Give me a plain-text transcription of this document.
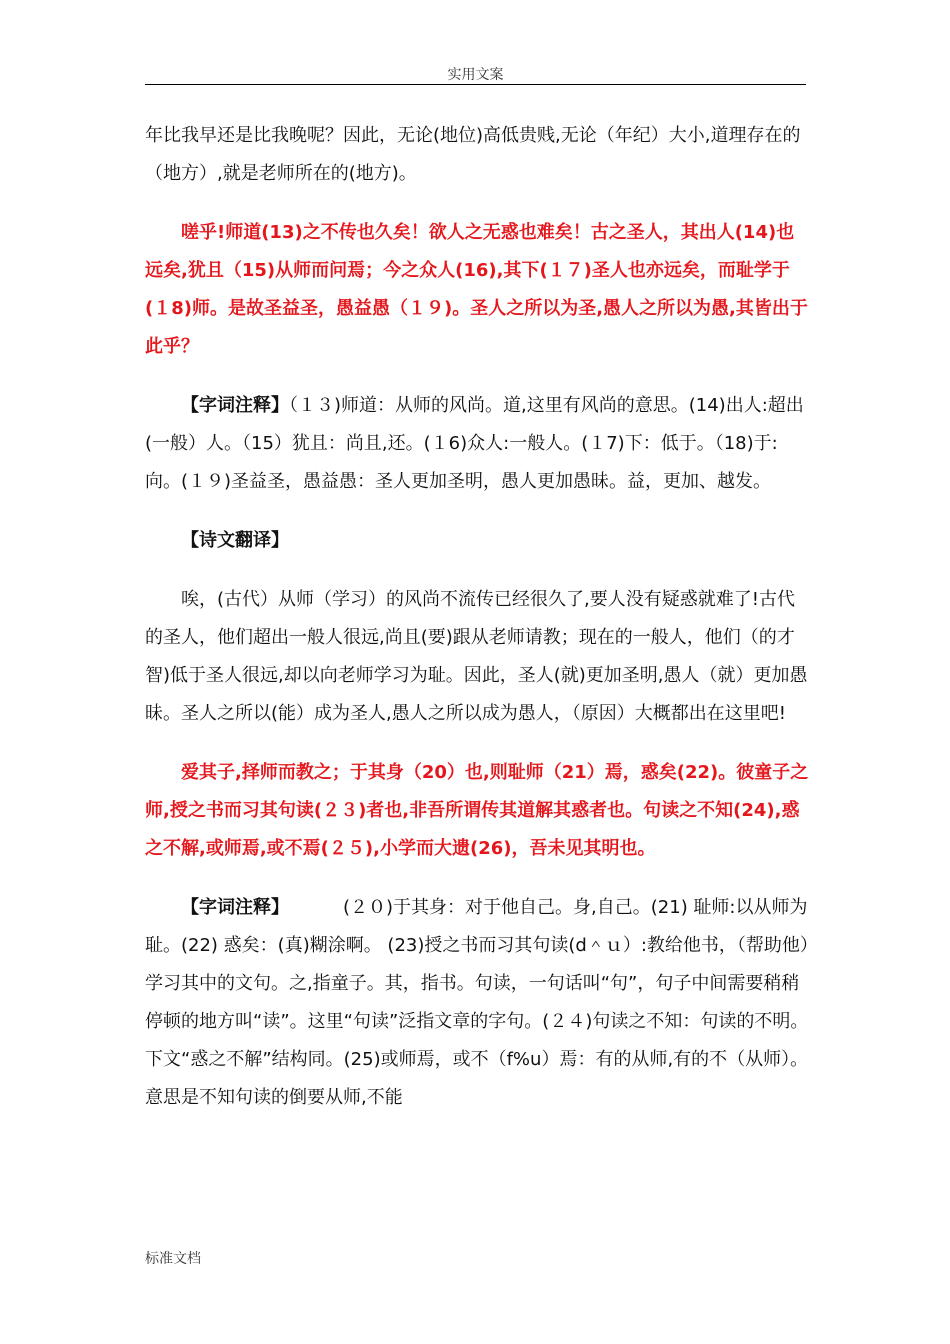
实用文案

年比我早还是比我晚呢？因此，无论(地位)高低贵贱,无论（年纪）大小,道理存在的（地方）,就是老师所在的(地方)。

嗟乎!师道(13)之不传也久矣！欲人之无惑也难矣！古之圣人，其出人(14)也远矣,犹且（15)从师而问焉；今之众人(16),其下(１７)圣人也亦远矣，而耻学于(１8)师。是故圣益圣，愚益愚（１９)。圣人之所以为圣,愚人之所以为愚,其皆出于此乎？

【字词注释】（１３)师道：从师的风尚。道,这里有风尚的意思。(14)出人:超出(一般）人。（15）犹且：尚且,还。(１6)众人:一般人。(１7)下：低于。（18)于:向。(１９)圣益圣，愚益愚：圣人更加圣明，愚人更加愚昧。益，更加、越发。

【诗文翻译】

唉，(古代）从师（学习）的风尚不流传已经很久了,要人没有疑惑就难了!古代的圣人，他们超出一般人很远,尚且(要)跟从老师请教；现在的一般人，他们（的才智)低于圣人很远,却以向老师学习为耻。因此，圣人(就)更加圣明,愚人（就）更加愚昧。圣人之所以(能）成为圣人,愚人之所以成为愚人，（原因）大概都出在这里吧!

爱其子,择师而教之；于其身（20）也,则耻师（21）焉，惑矣(22)。彼童子之师,授之书而习其句读(２３)者也,非吾所谓传其道解其惑者也。句读之不知(24),惑之不解,或师焉,或不焉(２５),小学而大遗(26)，吾未见其明也。

【字词注释】	(２０)于其身：对于他自己。身,自己。(21) 耻师:以从师为耻。(22) 惑矣：(真)糊涂啊。 (23)授之书而习其句读(d＾ｕ）:教给他书，（帮助他）学习其中的文句。之,指童子。其，指书。句读，一句话叫“句”，句子中间需要稍稍停顿的地方叫“读”。这里“句读”泛指文章的字句。(２４)句读之不知：句读的不明。下文“惑之不解”结构同。(25)或师焉，或不（f%u）焉：有的从师,有的不（从师）。意思是不知句读的倒要从师,不能

标准文档
